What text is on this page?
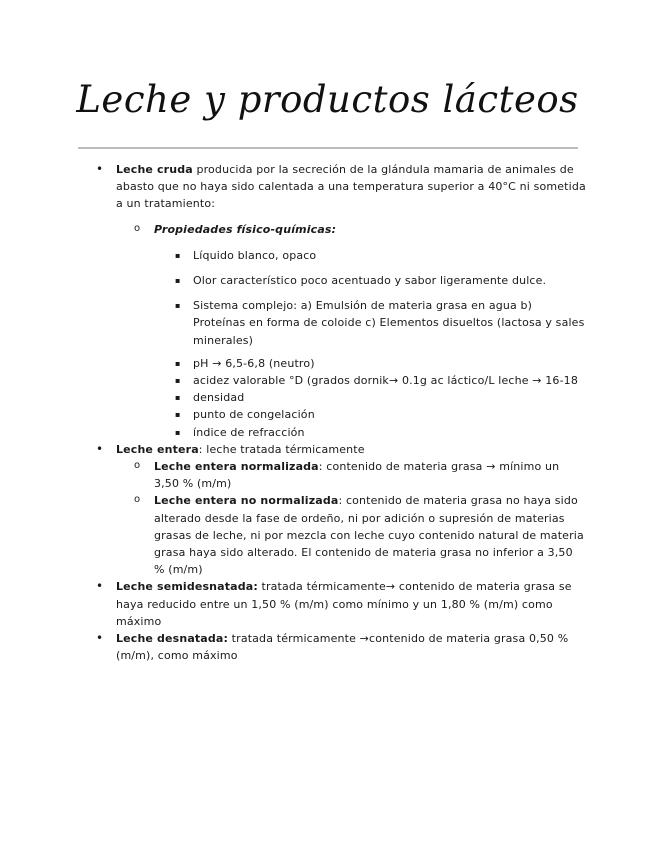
Leche y productos lácteos
• Leche cruda producida por la secreción de la glándula mamaria de animales de abasto que no haya sido calentada a una temperatura superior a 40°C ni sometida a un tratamiento:
o Propiedades físico-químicas:
▪ Líquido blanco, opaco
▪ Olor característico poco acentuado y sabor ligeramente dulce.
▪ Sistema complejo: a) Emulsión de materia grasa en agua b) Proteínas en forma de coloide c) Elementos disueltos (lactosa y sales minerales)
▪ pH → 6,5-6,8 (neutro)
▪ acidez valorable °D (grados dornik→ 0.1g ac láctico/L leche → 16-18
▪ densidad
▪ punto de congelación
▪ índice de refracción
• Leche entera: leche tratada térmicamente
o Leche entera normalizada: contenido de materia grasa → mínimo un 3,50 % (m/m)
o Leche entera no normalizada: contenido de materia grasa no haya sido alterado desde la fase de ordeño, ni por adición o supresión de materias grasas de leche, ni por mezcla con leche cuyo contenido natural de materia grasa haya sido alterado. El contenido de materia grasa no inferior a 3,50 % (m/m)
• Leche semidesnatada: tratada térmicamente→ contenido de materia grasa se haya reducido entre un 1,50 % (m/m) como mínimo y un 1,80 % (m/m) como máximo
• Leche desnatada: tratada térmicamente →contenido de materia grasa 0,50 % (m/m), como máximo
